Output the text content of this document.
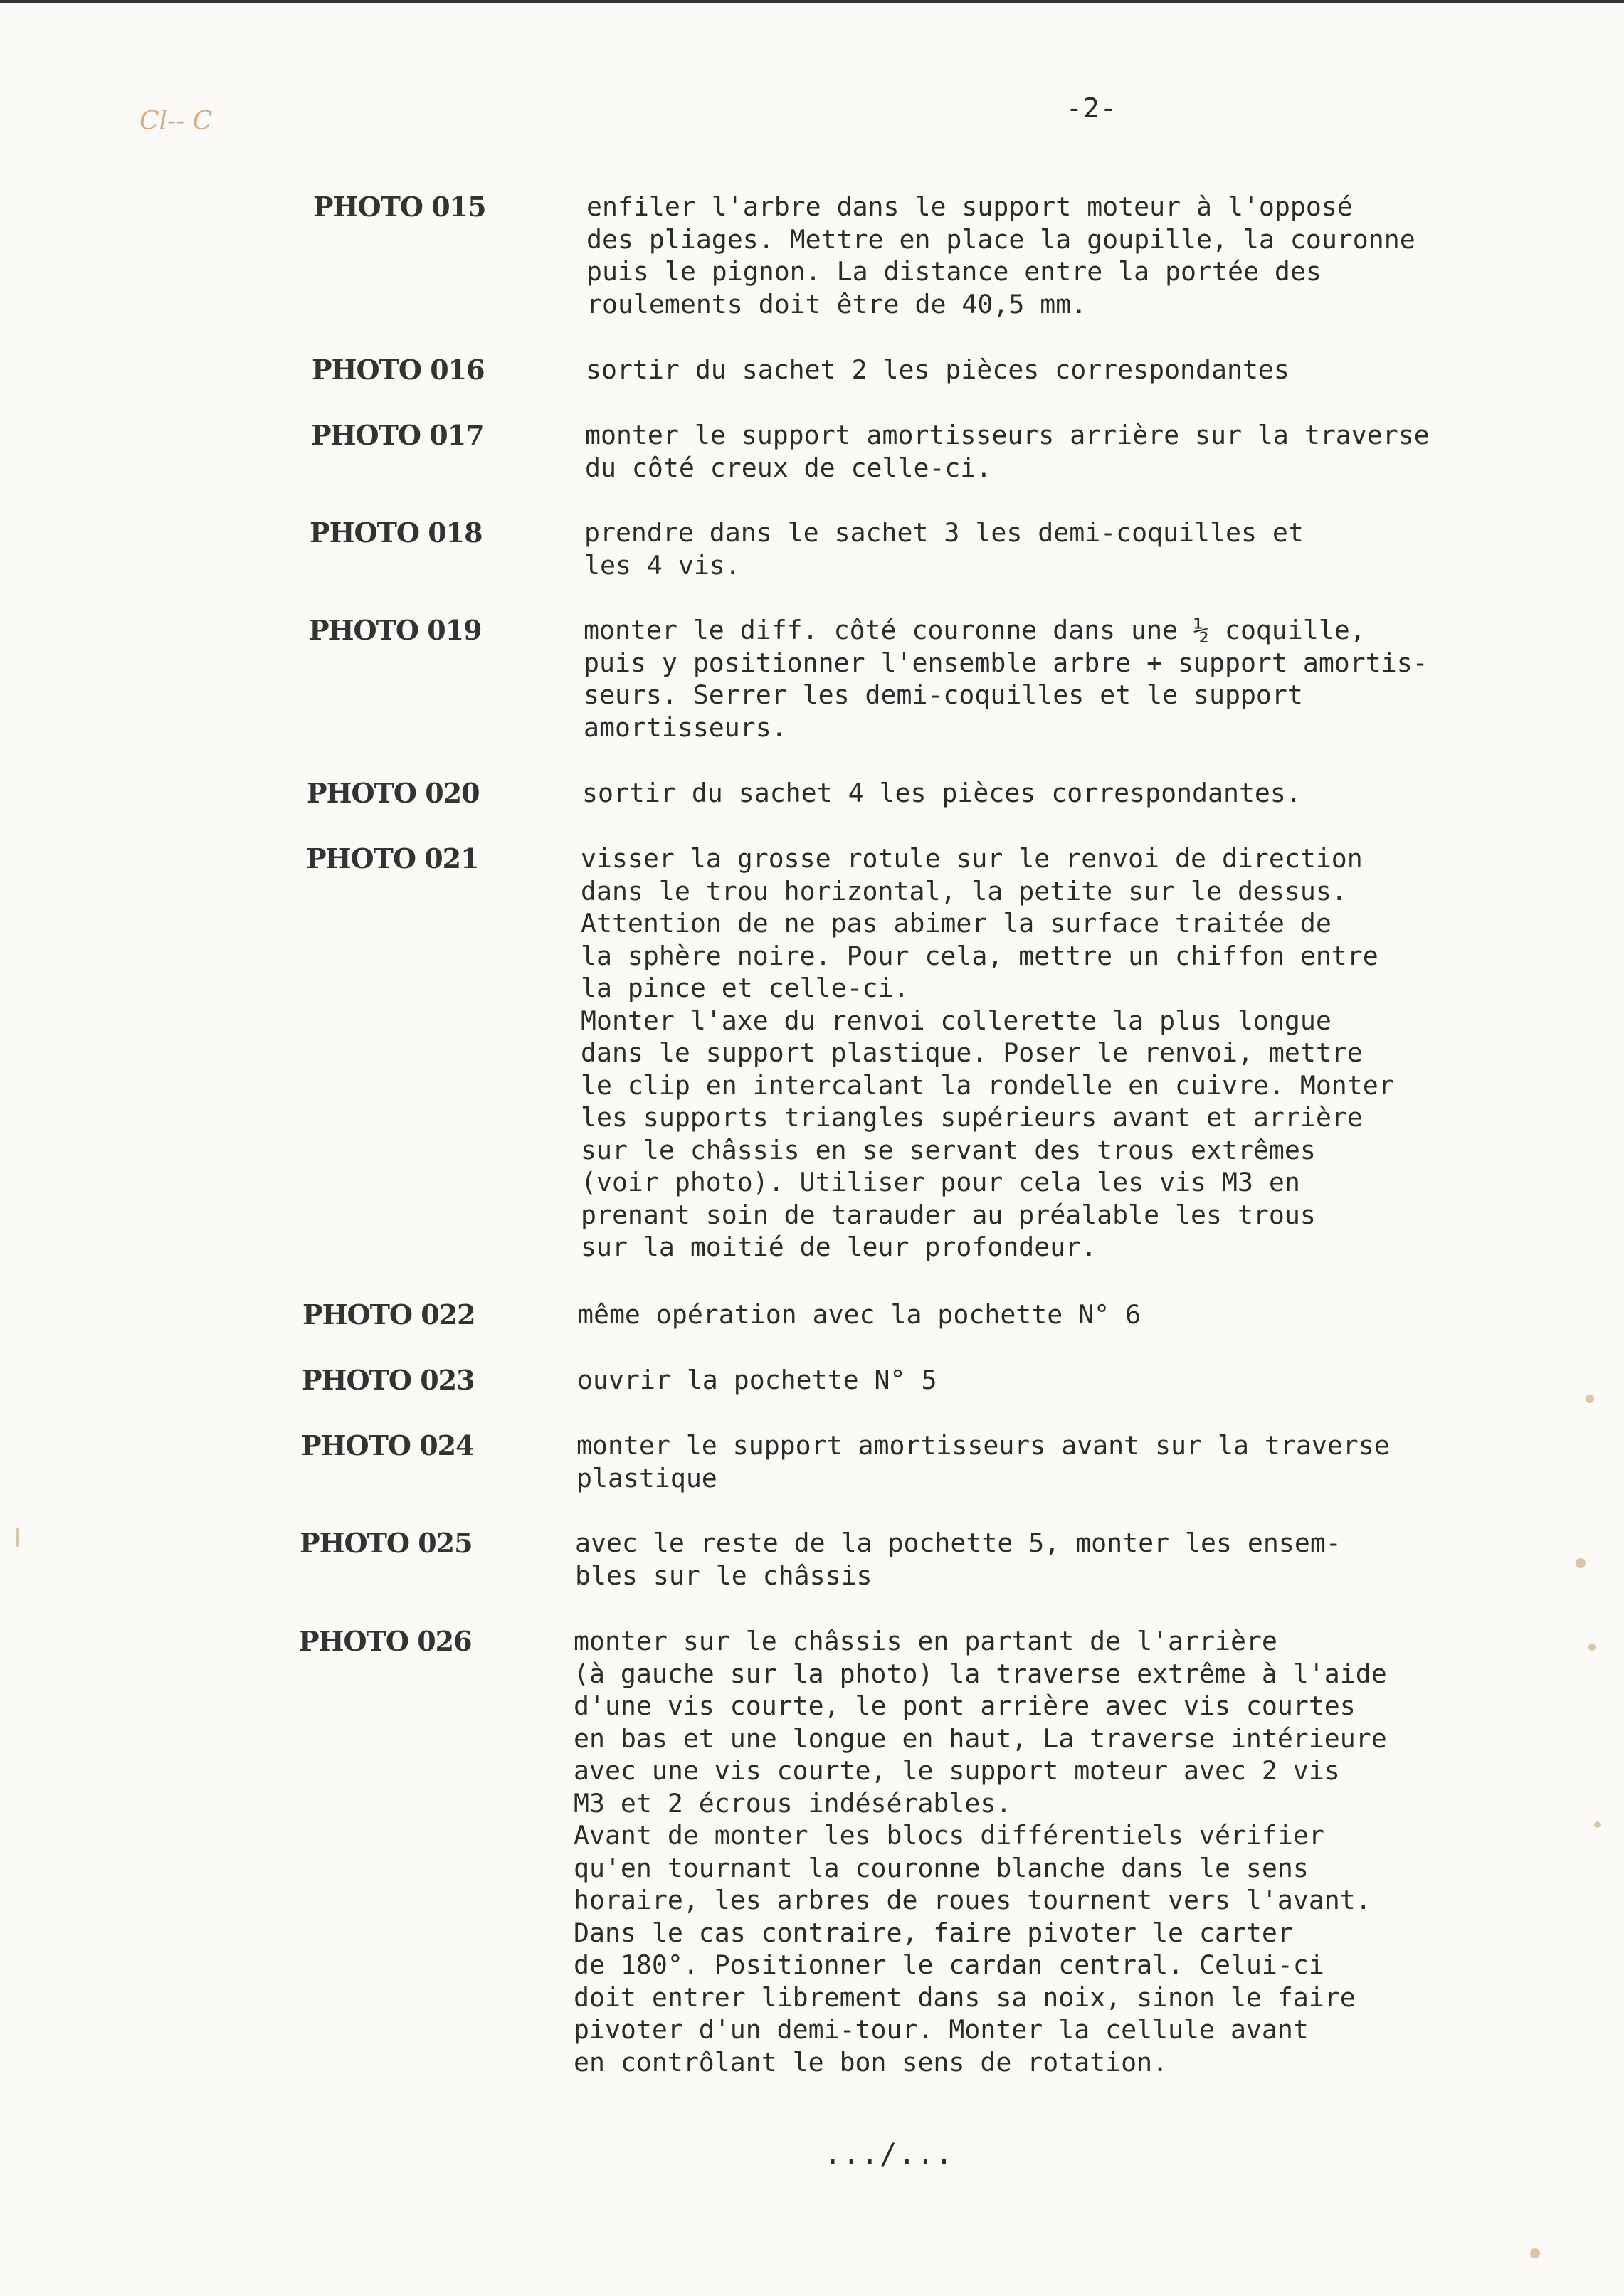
Cl-- C	-2-
PHOTO 015	enfiler l'arbre dans le support moteur à l'opposé
des pliages. Mettre en place la goupille, la couronne
puis le pignon. La distance entre la portée des
roulements doit être de 40,5 mm.
PHOTO 016	sortir du sachet 2 les pièces correspondantes
PHOTO 017	monter le support amortisseurs arrière sur la traverse
du côté creux de celle-ci.
PHOTO 018	prendre dans le sachet 3 les demi-coquilles et
les 4 vis.
PHOTO 019	monter le diff. côté couronne dans une ½ coquille,
puis y positionner l'ensemble arbre + support amortis-
seurs. Serrer les demi-coquilles et le support
amortisseurs.
PHOTO 020	sortir du sachet 4 les pièces correspondantes.
PHOTO 021	visser la grosse rotule sur le renvoi de direction
dans le trou horizontal, la petite sur le dessus.
Attention de ne pas abimer la surface traitée de
la sphère noire. Pour cela, mettre un chiffon entre
la pince et celle-ci.
Monter l'axe du renvoi collerette la plus longue
dans le support plastique. Poser le renvoi, mettre
le clip en intercalant la rondelle en cuivre. Monter
les supports triangles supérieurs avant et arrière
sur le châssis en se servant des trous extrêmes
(voir photo). Utiliser pour cela les vis M3 en
prenant soin de tarauder au préalable les trous
sur la moitié de leur profondeur.
PHOTO 022	même opération avec la pochette N° 6
PHOTO 023	ouvrir la pochette N° 5
PHOTO 024	monter le support amortisseurs avant sur la traverse
plastique
PHOTO 025	avec le reste de la pochette 5, monter les ensem-
bles sur le châssis
PHOTO 026	monter sur le châssis en partant de l'arrière
(à gauche sur la photo) la traverse extrême à l'aide
d'une vis courte, le pont arrière avec vis courtes
en bas et une longue en haut, La traverse intérieure
avec une vis courte, le support moteur avec 2 vis
M3 et 2 écrous indésérables.
Avant de monter les blocs différentiels vérifier
qu'en tournant la couronne blanche dans le sens
horaire, les arbres de roues tournent vers l'avant.
Dans le cas contraire, faire pivoter le carter
de 180°. Positionner le cardan central. Celui-ci
doit entrer librement dans sa noix, sinon le faire
pivoter d'un demi-tour. Monter la cellule avant
en contrôlant le bon sens de rotation.
.../...
